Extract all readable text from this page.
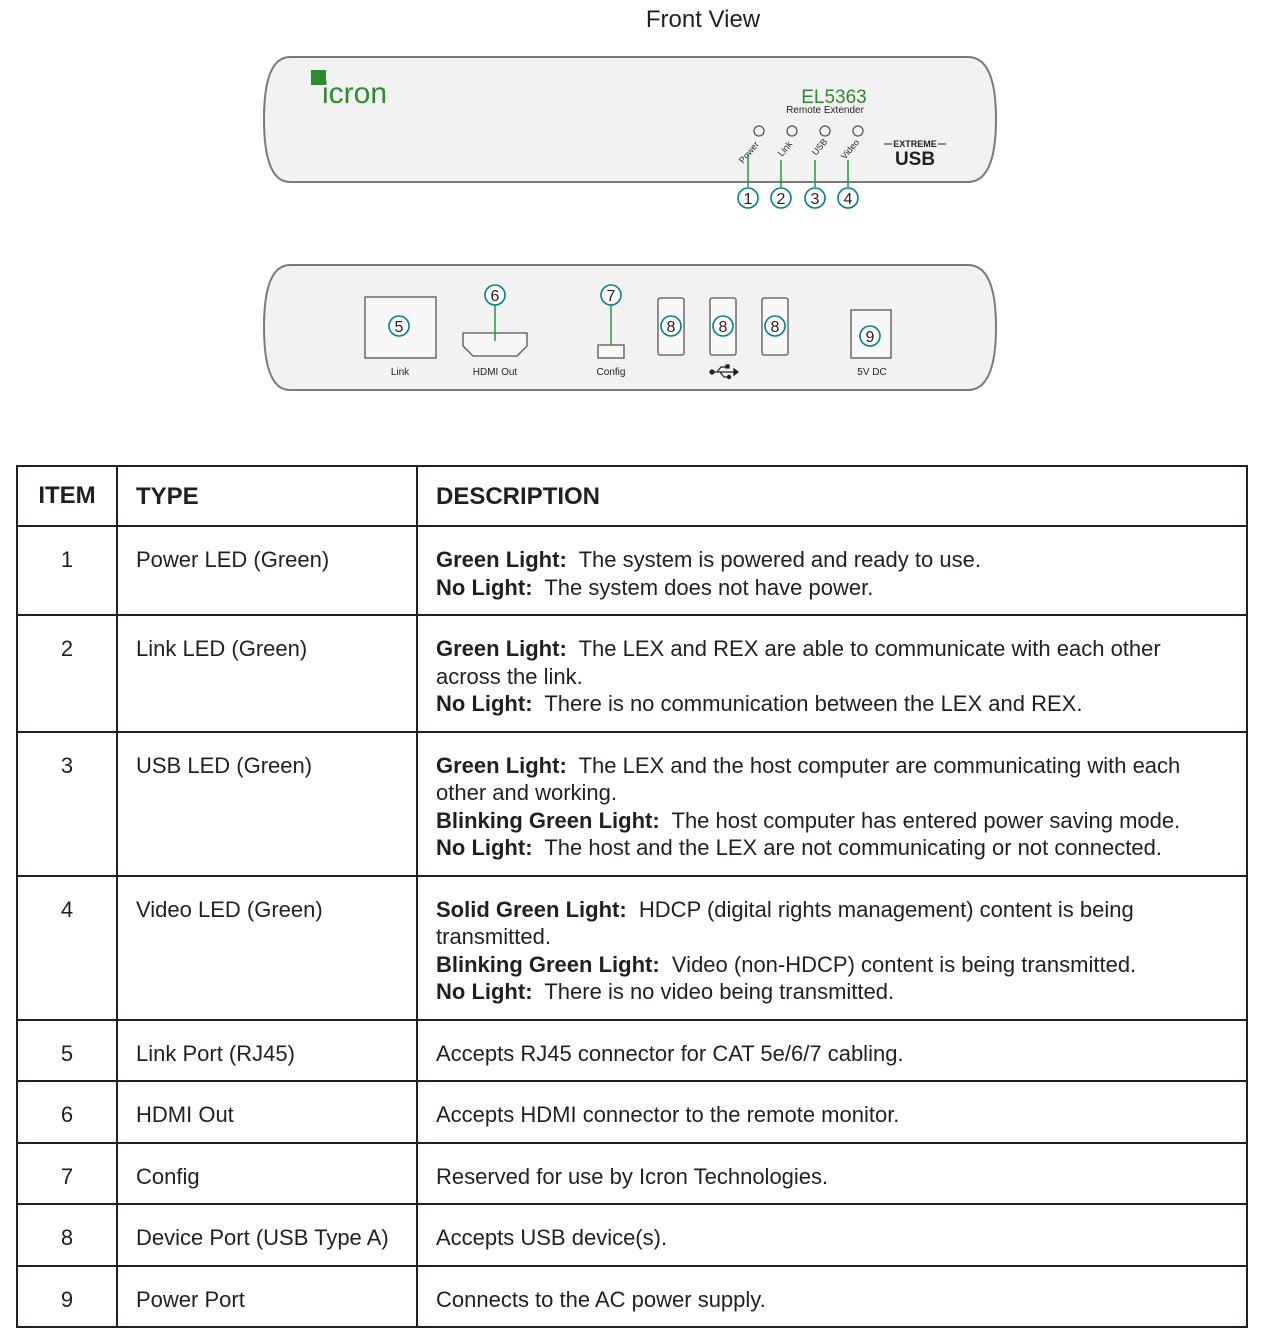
Front View
icron	EL5363
Remote Extender
Power Link USB Video	EXTREME
USB
1 2 3 4
5
Link
6
HDMI Out
7
Config
8	8	8
9
5V DC
ITEM	TYPE	DESCRIPTION
1	Power LED (Green)	Green Light: The system is powered and ready to use.
No Light: The system does not have power.

2	Link LED (Green)	Green Light: The LEX and REX are able to communicate with each other across the link.
No Light: There is no communication between the LEX and REX.

3	USB LED (Green)	Green Light: The LEX and the host computer are communicating with each other and working.
Blinking Green Light: The host computer has entered power saving mode.
No Light: The host and the LEX are not communicating or not connected.

4	Video LED (Green)	Solid Green Light: HDCP (digital rights management) content is being transmitted.
Blinking Green Light: Video (non-HDCP) content is being transmitted.
No Light: There is no video being transmitted.

5	Link Port (RJ45)	Accepts RJ45 connector for CAT 5e/6/7 cabling.

6	HDMI Out	Accepts HDMI connector to the remote monitor.

7	Config	Reserved for use by Icron Technologies.

8	Device Port (USB Type A)	Accepts USB device(s).

9	Power Port	Connects to the AC power supply.
